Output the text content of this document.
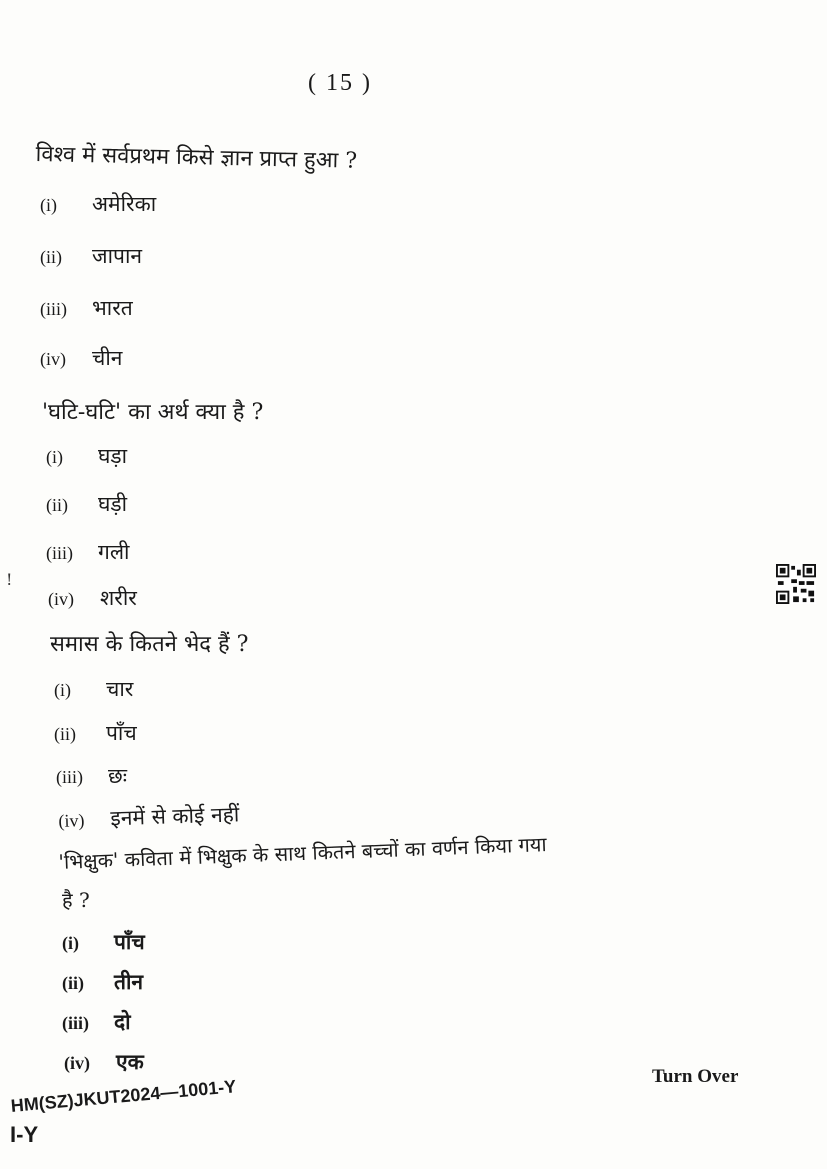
( 15 )
विश्व में सर्वप्रथम किसे ज्ञान प्राप्त हुआ ?
(i) अमेरिका
(ii) जापान
(iii) भारत
(iv) चीन
'घटि-घटि' का अर्थ क्या है ?
(i) घड़ा
(ii) घड़ी
(iii) गली
(iv) शरीर
समास के कितने भेद हैं ?
(i) चार
(ii) पाँच
(iii) छः
(iv) इनमें से कोई नहीं
'भिक्षुक' कविता में भिक्षुक के साथ कितने बच्चों का वर्णन किया गया
है ?
(i) पाँच
(ii) तीन
(iii) दो
(iv) एक
Turn Over
HM(SZ)JKUT2024—1001-Y
I-Y
!
